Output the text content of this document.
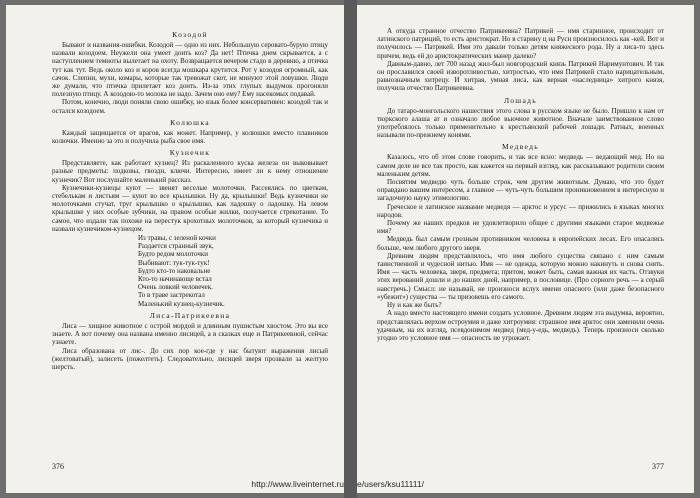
Козодой

Бывают и названия-ошибки. Козодой — одно из них. Небольшую серовато-бурую птицу назвали козодоем. Неужели она умеет доить коз? Да нет! Птичка днем скрывается, а с наступлением темноты вылетает на охоту. Возвращается вечером стадо в деревню, а птичка тут как тут. Ведь около коз и коров всегда мошкара крутится. Рот у козодоя огромный, как сачок. Слепни, мухи, комары, которые так тревожат скот, не минуют этой ловушки. Люди же думали, что птичка прилетает коз доить. Из-за этих глупых выдумок прогоняли полезную птицу. А козодою-то молока не надо. Зачем оно ему? Ему насекомых подавай.

Потом, конечно, люди поняли свою ошибку, но язык более консервативен: козодой так и остался козодоем.

Колюшка

Каждый защищается от врагов, как может. Например, у колюшки вместо плавников колючки. Именно за это и получила рыба свое имя.

Кузнечик

Представляете, как работает кузнец? Из раскаленного куска железа он выковывает разные предметы: подковы, гвозди, ключи. Интересно, имеет ли к нему отношение кузнечик? Вот послушайте маленький рассказ.

Кузнечики-кузнецы куют — звенят веселые молоточки. Рассеялись по цветкам, стебелькам и листьям — куют во все крылышки. Ну да, крылышки! Ведь кузнечики не молоточками стучат, труг крылышко о крылышко, как ладошку о ладошку. На левом крылышке у них особые зубчики, на правом особые жилки, получается стрекотание. То самое, что издали так похоже на перестук крохотных молоточков, за который кузнечика и назвали кузнечиком-кузнецом.

Из травы, с зеленой кочки
Раздается странный звук,
Будто редом молоточки
Выбивают: тук-тук-тук!
Будто кто-то наковальне
Кто-то начинающе встал
Очень ловкий человечек.
То в траве застрекотал
Маленький кузнец-кузнечик.
Лиса-Патрикеевна

Лиса — хищное животное с острой мордой и длинным пушистым хвостом. Это вы все знаете. А вот почему она названа именно лисицей, а в сказках еще и Патрикеевной, сейчас узнаете.

Лиса образована от лис-. До сих пор кое-где у нас бытуют выражения лисый (желтоватый), залисеть (пожелтеть). Следовательно, лисицей зверя прозвали за желтую шерсть.

376
http://www.liveinternet.ru

А откуда странное отчество Патрикеевна? Патрикей — имя старинное, происходит от латинского патриций, то есть аристократ. Но в старину ц на Руси произносилось как -кей. Вот и получилось — Патрикей. Имя это давали только детям княжеского рода. Ну а лиса-то здесь причем, ведь ей до аристократических манер далеко?

Давным-давно, лет 700 назад жил-был новгородский князь Патрикей Наримунтович. И так он прославился своей изворотливостью, хитростью, что имя Патрикей стало нарицательным, равнозначным хитрецу. И хитрая, умная лиса, как верная «наследница» хитрого князя, получила отчество Патрикеевна.

Лошадь

До татаро-монгольского нашествия этого слова в русском языке не было. Пришло к нам от тюркского алаша ат и означало любое вьючное животное. Вначале заимствованное слово употреблялось только применительно к крестьянской рабочей лошади. Ратных, военных называли по-прежнему конями.

Медведь

Казалось, что об этом слове говорить, и так все ясно: медведь — ведающий мед. Но на самом деле не все так просто, как кажется на первый взгляд, как рассказывают родители своим маленьким детям.

Посвятим медведю чуть больше строк, чем другим животным. Думаю, что это будет оправдано вашим интересом, а главное — чуть-чуть большим проникновением в интересную и загадочную науку этимологию.

Греческое и латинское название медведя — арктос и урсус — прижились в языках многих народов.

Почему же наших предков не удовлетворило общее с другими языками старое медвежье имя?

Медведь был самым грозным противником человека в европейских лесах. Его опасались больше, чем любого другого зверя.

Древним людям представлялось, что имя любого существа связано с ним самым таинственной и чудесной нитью. Имя — не одежда, которую можно накинуть и снова снять. Имя — часть человека, зверя, предмета; притом, может быть, самая важная их часть. Отзвуки этих верований дошли и до наших дней, например, в пословице. (Про сорного речь — а серый навстречь.) Смысл: не называй, не произноси вслух имени опасного (или даже безопасного «убежит») существа — ты призовешь его самого.

Ну и как же быть?

А надо вместо настоящего имени создать условное. Древним людям эта выдумка, вероятно, представлялась верхом остроумия и даже хитроумия: страшное имя арктос они заменили очень удачным, на их взгляд, псевдонимом медвед (мед-у-едь, медведь). Теперь произноси сколько угодно это условное имя — опасность не угрожает.

377
e/users/ksu11111/
